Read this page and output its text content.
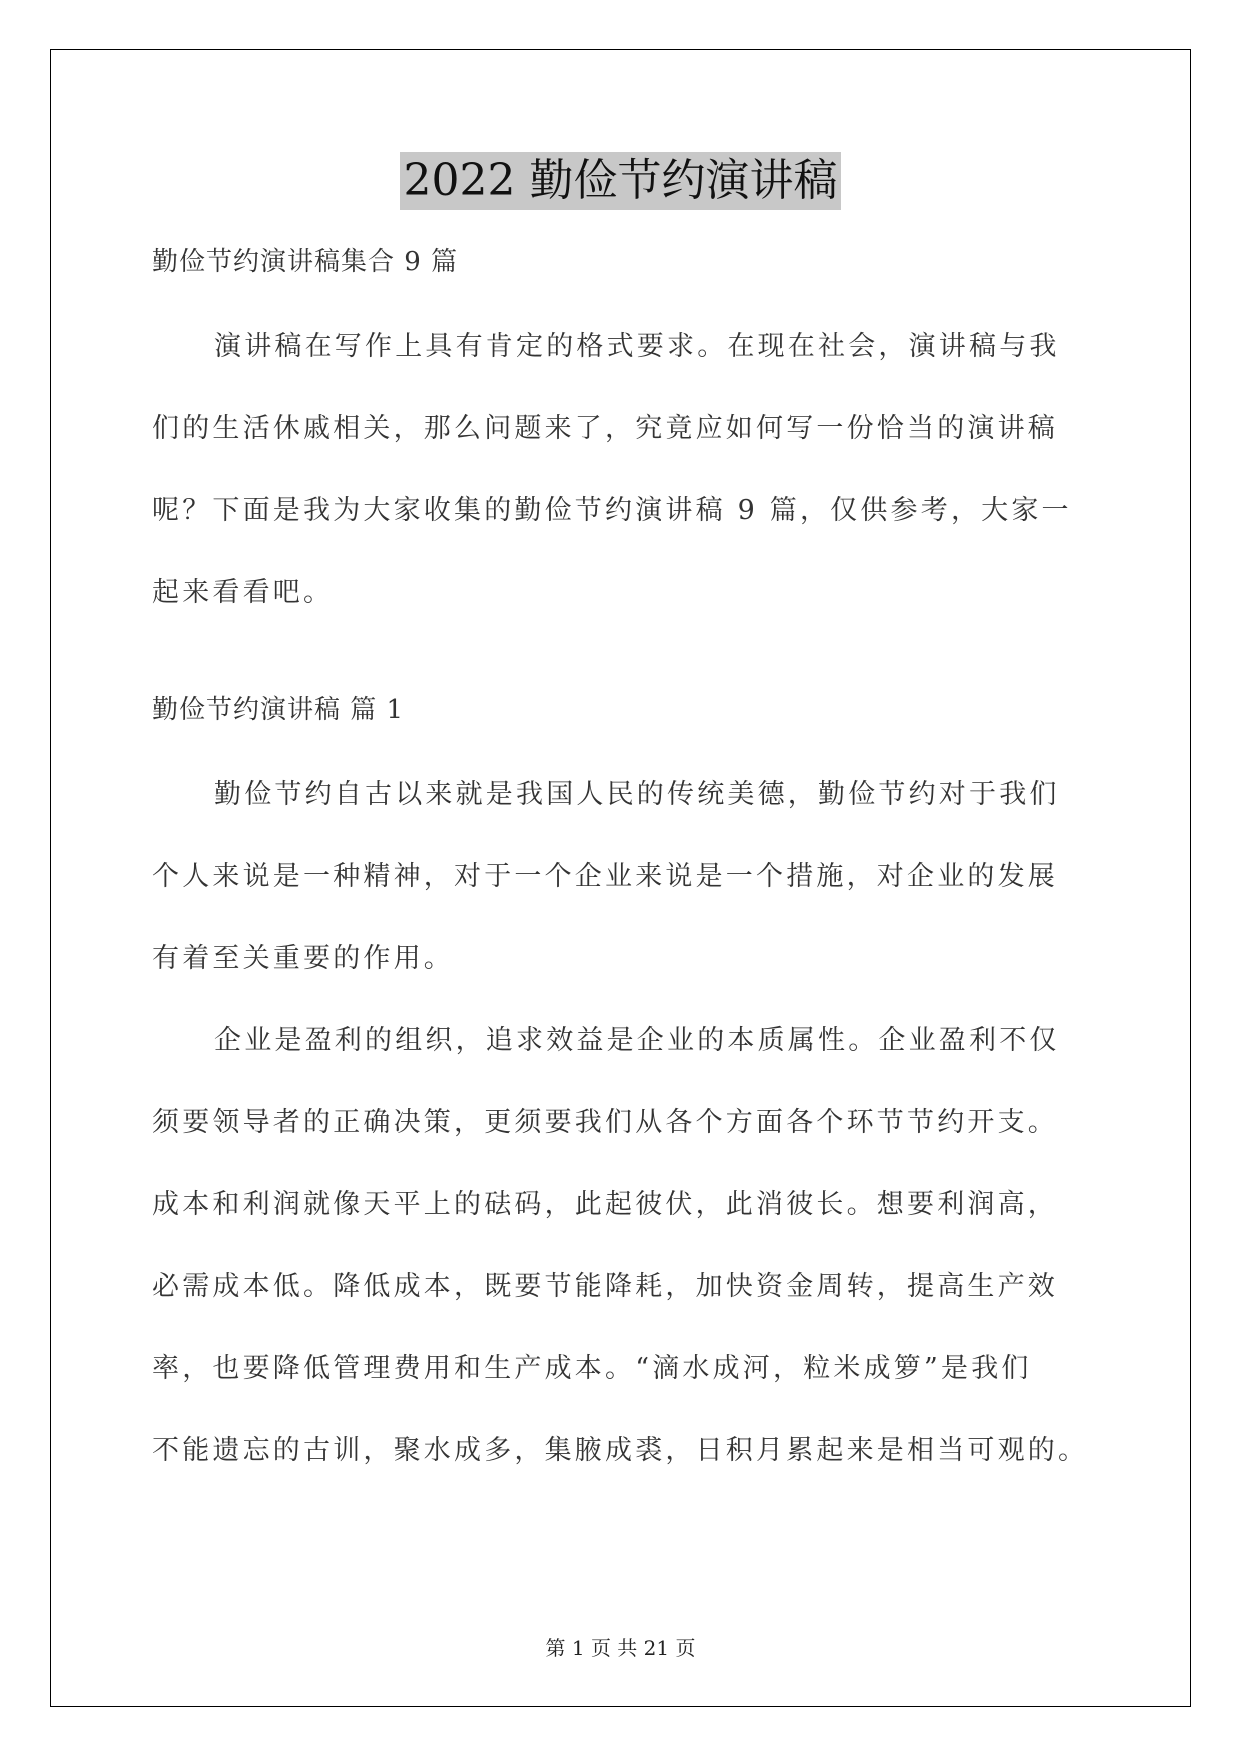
2022 勤俭节约演讲稿
勤俭节约演讲稿集合 9 篇
演讲稿在写作上具有肯定的格式要求。在现在社会，演讲稿与我
们的生活休戚相关，那么问题来了，究竟应如何写一份恰当的演讲稿
呢？下面是我为大家收集的勤俭节约演讲稿 9 篇，仅供参考，大家一
起来看看吧。
勤俭节约演讲稿 篇 1
勤俭节约自古以来就是我国人民的传统美德，勤俭节约对于我们
个人来说是一种精神，对于一个企业来说是一个措施，对企业的发展
有着至关重要的作用。
企业是盈利的组织，追求效益是企业的本质属性。企业盈利不仅
须要领导者的正确决策，更须要我们从各个方面各个环节节约开支。
成本和利润就像天平上的砝码，此起彼伏，此消彼长。想要利润高，
必需成本低。降低成本，既要节能降耗，加快资金周转，提高生产效
率，也要降低管理费用和生产成本。“滴水成河，粒米成箩”是我们
不能遗忘的古训，聚水成多，集腋成裘，日积月累起来是相当可观的。
第 1 页 共 21 页
